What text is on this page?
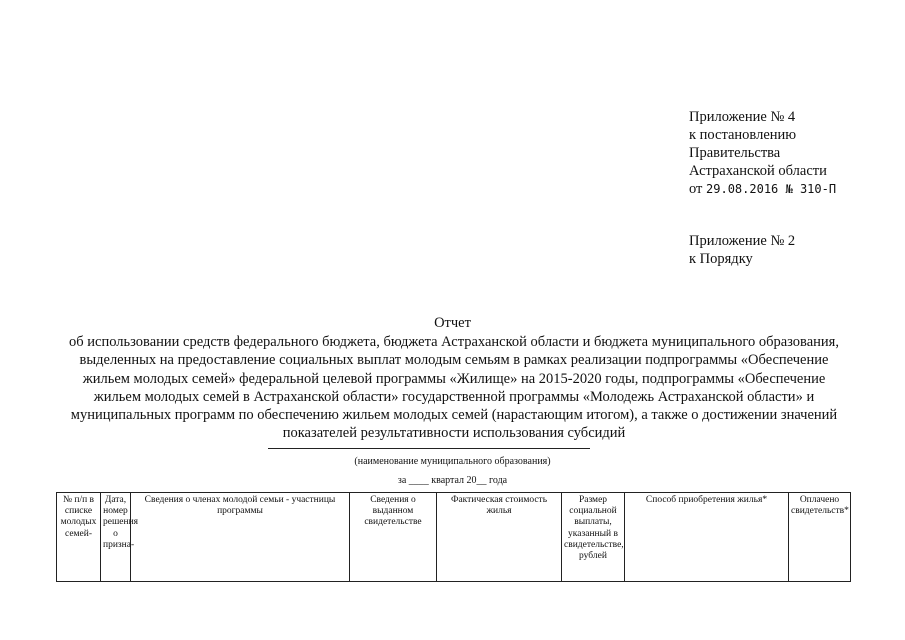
Приложение № 4
к постановлению
Правительства
Астраханской области
от 29.08.2016 № 310-П
Приложение № 2
к Порядку
Отчет
об использовании средств федерального бюджета, бюджета Астраханской области и бюджета муниципального образования, выделенных на предоставление социальных выплат молодым семьям в рамках реализации подпрограммы «Обеспечение жильем молодых семей» федеральной целевой программы «Жилище» на 2015-2020 годы, подпрограммы «Обеспечение жильем молодых семей в Астраханской области» государственной программы «Молодежь Астраханской области» и муниципальных программ по обеспечению жильем молодых семей (нарастающим итогом), а также о достижении значений показателей результативности использования субсидий
(наименование муниципального образования)
за ____ квартал 20__ года
№ п/п в списке молодых семей-	Дата, номер решения о призна-	Сведения о членах молодой семьи - участницы программы	Сведения о выданном свидетельстве	Фактическая стоимость жилья	Размер социальной выплаты, указанный в свидетельстве, рублей	Способ приобретения жилья*	Оплачено свидетельств*
